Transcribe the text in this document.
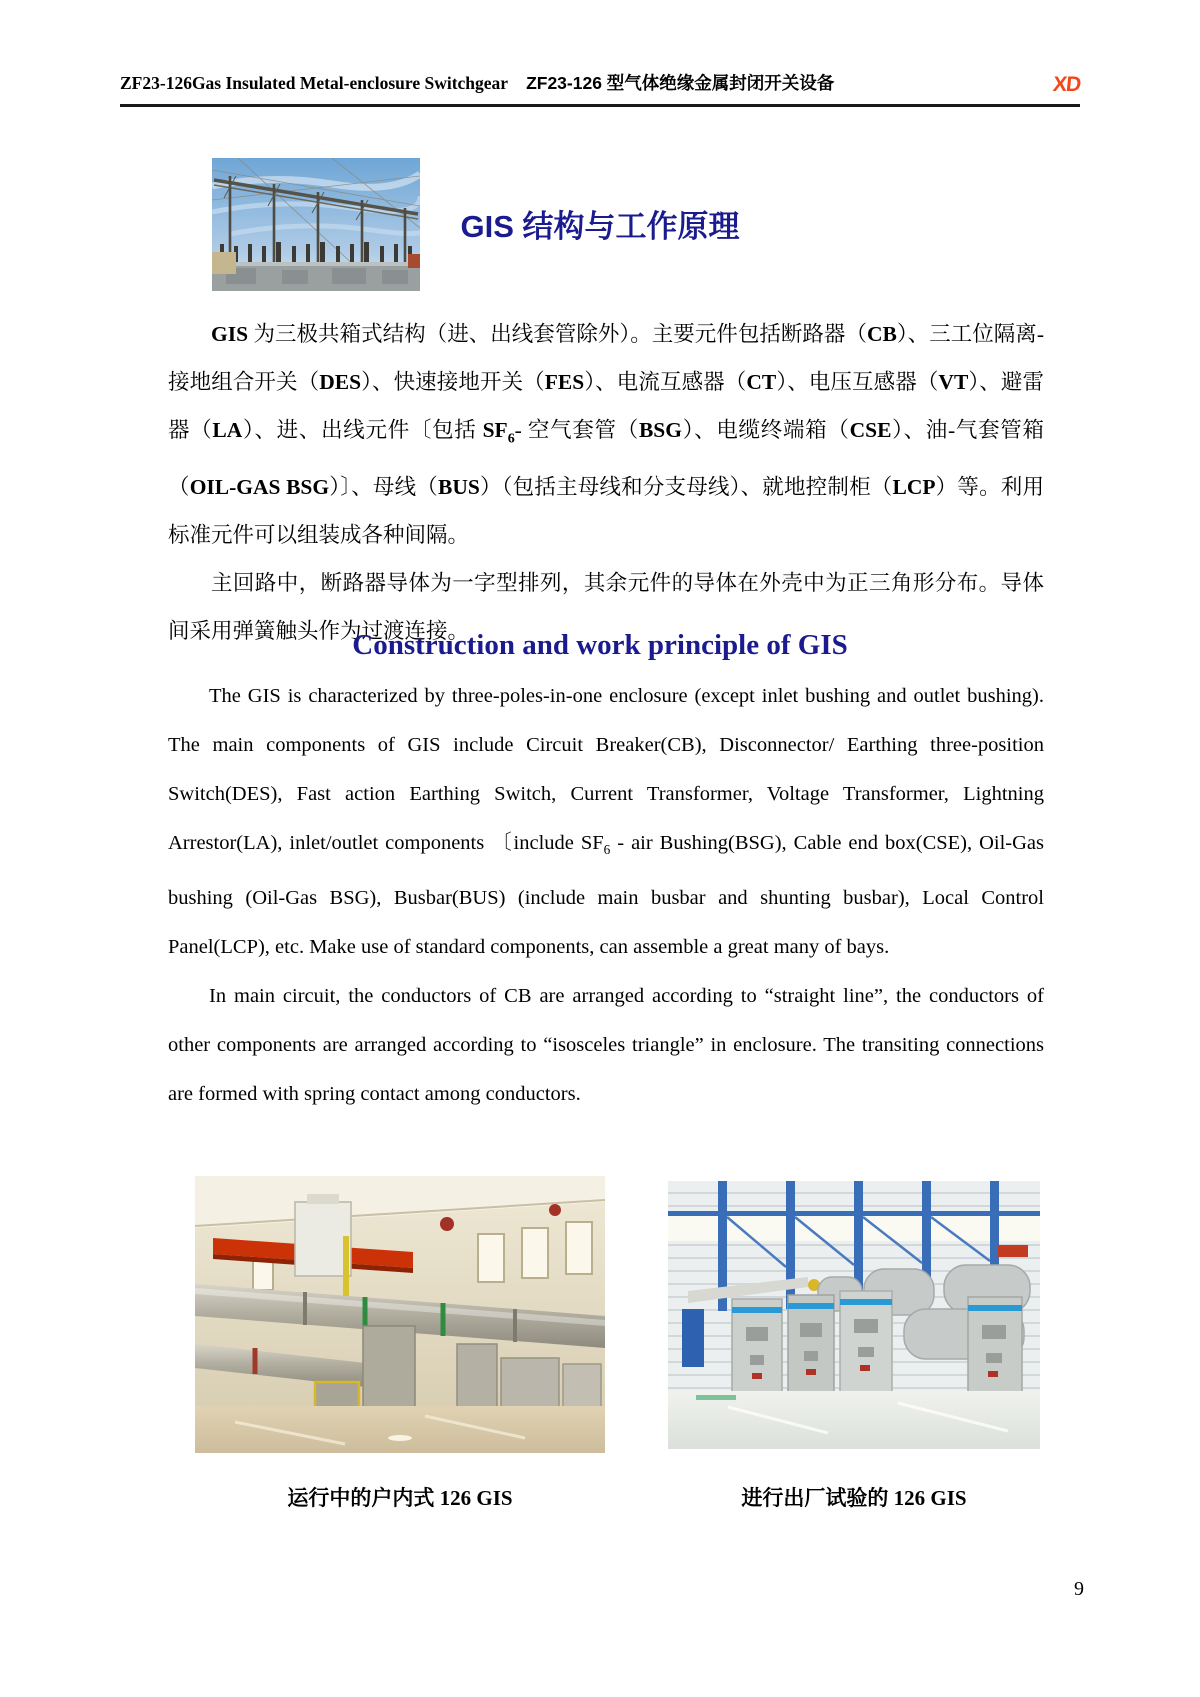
ZF23-126Gas Insulated Metal-enclosure Switchgear ZF23-126 型气体绝缘金属封闭开关设备	XD
GIS 结构与工作原理

GIS 为三极共箱式结构（进、出线套管除外）。主要元件包括断路器（CB）、三工位隔离-接地组合开关（DES）、快速接地开关（FES）、电流互感器（CT）、电压互感器（VT）、避雷器（LA）、进、出线元件〔包括 $SF_6-$ 空气套管（BSG）、电缆终端箱（CSE）、油-气套管箱（OIL-GAS BSG）〕、母线（BUS）（包括主母线和分支母线）、就地控制柜（LCP）等。利用标准元件可以组装成各种间隔。

主回路中，断路器导体为一字型排列，其余元件的导体在外壳中为正三角形分布。导体间采用弹簧触头作为过渡连接。

Construction and work principle of GIS

The GIS is characterized by three-poles-in-one enclosure (except inlet bushing and outlet bushing). The main components of GIS include Circuit Breaker(CB), Disconnector/ Earthing three-position Switch(DES), Fast action Earthing Switch, Current Transformer, Voltage Transformer, Lightning Arrestor(LA), inlet/outlet components 〔include $SF_6$ - air Bushing(BSG), Cable end box(CSE), Oil-Gas bushing (Oil-Gas BSG), Busbar(BUS) (include main busbar and shunting busbar), Local Control Panel(LCP), etc. Make use of standard components, can assemble a great many of bays.

In main circuit, the conductors of CB are arranged according to “straight line”, the conductors of other components are arranged according to “isosceles triangle” in enclosure. The transiting connections are formed with spring contact among conductors.

运行中的户内式 126 GIS	进行出厂试验的 126 GIS
9
